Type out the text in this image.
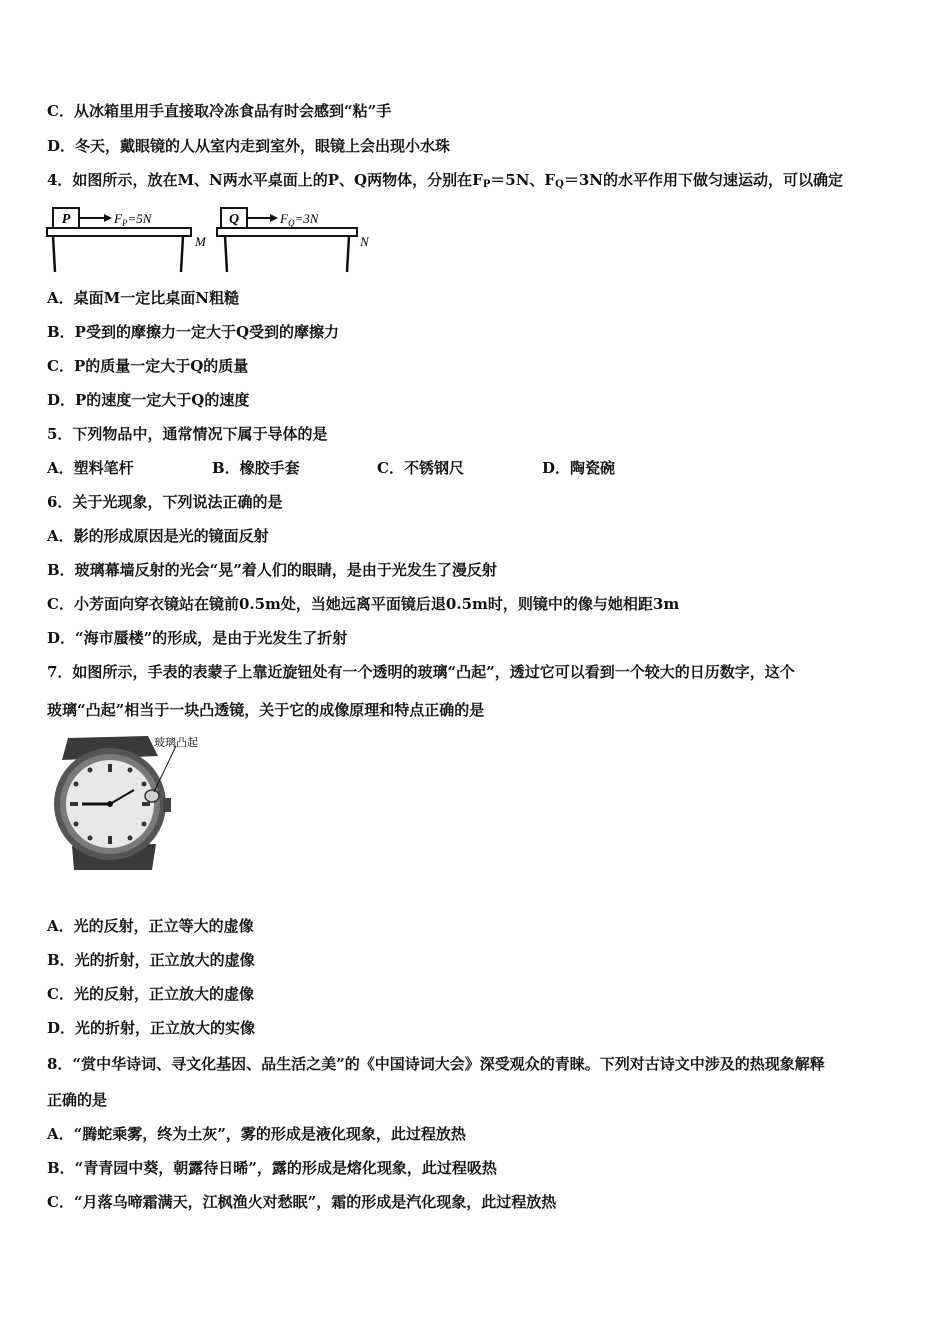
C．从冰箱里用手直接取冷冻食品有时会感到“粘”手
D．冬天，戴眼镜的人从室内走到室外，眼镜上会出现小水珠
4．如图所示，放在M、N两水平桌面上的P、Q两物体，分别在$F_P=5N$、$F_Q=3N$的水平作用下做匀速运动，可以确定
P	$F_P=5N$
M
Q	$F_Q=3N$
N
A．桌面M一定比桌面N粗糙
B．P受到的摩擦力一定大于Q受到的摩擦力
C．P的质量一定大于Q的质量
D．P的速度一定大于Q的速度
5．下列物品中，通常情况下属于导体的是
A．塑料笔杆	B．橡胶手套	C．不锈钢尺	D．陶瓷碗
6．关于光现象，下列说法正确的是
A．影的形成原因是光的镜面反射
B．玻璃幕墙反射的光会“晃”着人们的眼睛，是由于光发生了漫反射
C．小芳面向穿衣镜站在镜前0.5m处，当她远离平面镜后退0.5m时，则镜中的像与她相距3m
D．“海市蜃楼”的形成，是由于光发生了折射
7．如图所示，手表的表蒙子上靠近旋钮处有一个透明的玻璃“凸起”，透过它可以看到一个较大的日历数字，这个
玻璃“凸起”相当于一块凸透镜，关于它的成像原理和特点正确的是
玻璃凸起
A．光的反射，正立等大的虚像
B．光的折射，正立放大的虚像
C．光的反射，正立放大的虚像
D．光的折射，正立放大的实像
8．“赏中华诗词、寻文化基因、品生活之美”的《中国诗词大会》深受观众的青睐。下列对古诗文中涉及的热现象解释
正确的是
A．“腾蛇乘雾，终为土灰”，雾的形成是液化现象，此过程放热
B．“青青园中葵，朝露待日晞”，露的形成是熔化现象，此过程吸热
C．“月落乌啼霜满天，江枫渔火对愁眠”，霜的形成是汽化现象，此过程放热
